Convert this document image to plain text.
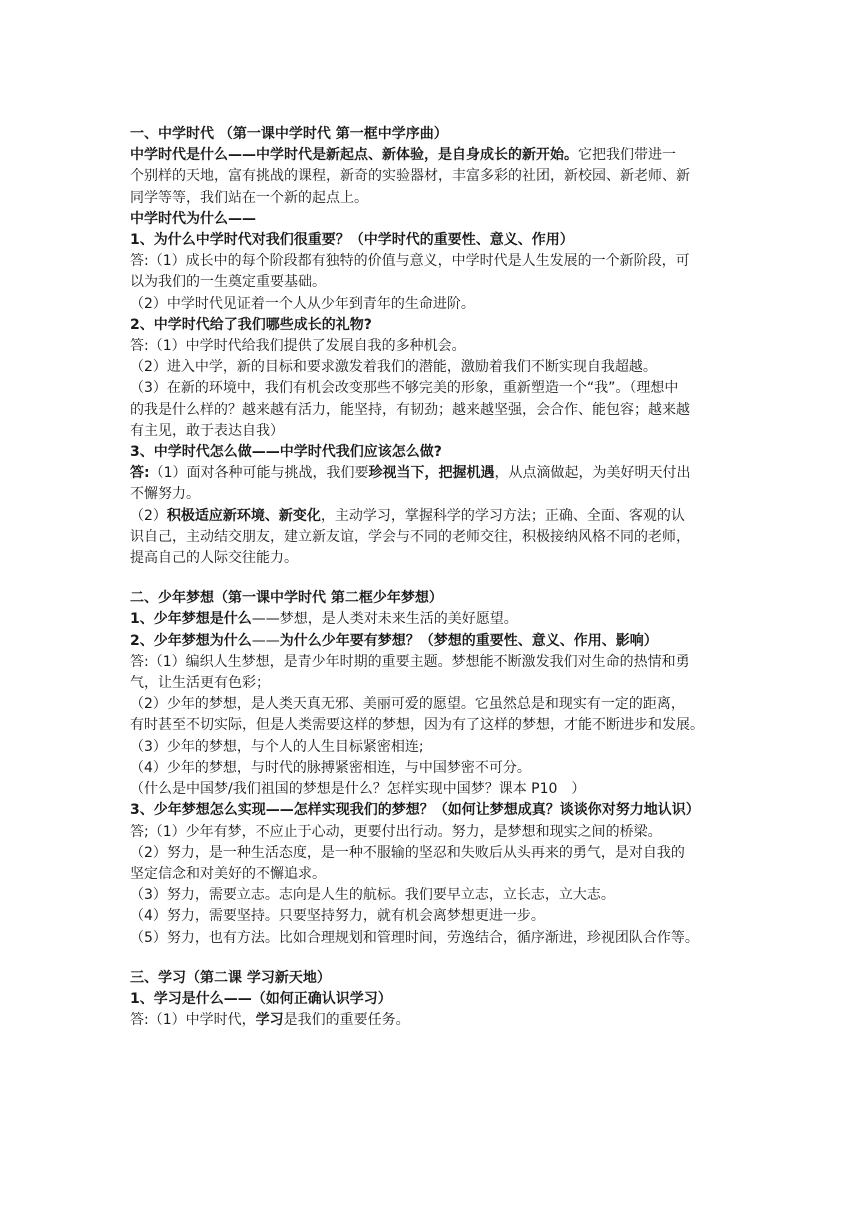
一、中学时代 （第一课中学时代 第一框中学序曲）
中学时代是什么——中学时代是新起点、新体验，是自身成长的新开始。它把我们带进一
个别样的天地，富有挑战的课程，新奇的实验器材，丰富多彩的社团，新校园、新老师、新
同学等等，我们站在一个新的起点上。
中学时代为什么——
1、为什么中学时代对我们很重要？（中学时代的重要性、意义、作用）
答:（1）成长中的每个阶段都有独特的价值与意义，中学时代是人生发展的一个新阶段，可
以为我们的一生奠定重要基础。
（2）中学时代见证着一个人从少年到青年的生命进阶。
2、中学时代给了我们哪些成长的礼物?
答:（1）中学时代给我们提供了发展自我的多种机会。
（2）进入中学，新的目标和要求激发着我们的潜能，激励着我们不断实现自我超越。
（3）在新的环境中，我们有机会改变那些不够完美的形象，重新塑造一个“我”。（理想中
的我是什么样的？越来越有活力，能坚持，有韧劲；越来越坚强，会合作、能包容；越来越
有主见，敢于表达自我）
3、中学时代怎么做——中学时代我们应该怎么做?
答:（1）面对各种可能与挑战，我们要珍视当下，把握机遇，从点滴做起，为美好明天付出
不懈努力。
（2）积极适应新环境、新变化，主动学习，掌握科学的学习方法；正确、全面、客观的认
识自己，主动结交朋友，建立新友谊，学会与不同的老师交往，积极接纳风格不同的老师，
提高自己的人际交往能力。
二、少年梦想（第一课中学时代 第二框少年梦想）
1、少年梦想是什么——梦想，是人类对未来生活的美好愿望。
2、少年梦想为什么——为什么少年要有梦想？（梦想的重要性、意义、作用、影响）
答:（1）编织人生梦想，是青少年时期的重要主题。梦想能不断激发我们对生命的热情和勇
气，让生活更有色彩；
（2）少年的梦想，是人类天真无邪、美丽可爱的愿望。它虽然总是和现实有一定的距离，
有时甚至不切实际，但是人类需要这样的梦想，因为有了这样的梦想，才能不断进步和发展。
（3）少年的梦想，与个人的人生目标紧密相连;
（4）少年的梦想，与时代的脉搏紧密相连，与中国梦密不可分。
（什么是中国梦/我们祖国的梦想是什么？怎样实现中国梦？课本 P10　）
3、少年梦想怎么实现——怎样实现我们的梦想？（如何让梦想成真？谈谈你对努力地认识）
答;（1）少年有梦，不应止于心动，更要付出行动。努力，是梦想和现实之间的桥梁。
（2）努力，是一种生活态度，是一种不服输的坚忍和失败后从头再来的勇气，是对自我的
坚定信念和对美好的不懈追求。
（3）努力，需要立志。志向是人生的航标。我们要早立志，立长志，立大志。
（4）努力，需要坚持。只要坚持努力，就有机会离梦想更进一步。
（5）努力，也有方法。比如合理规划和管理时间，劳逸结合，循序渐进，珍视团队合作等。
三、学习（第二课 学习新天地）
1、学习是什么——（如何正确认识学习）
答:（1）中学时代，学习是我们的重要任务。
